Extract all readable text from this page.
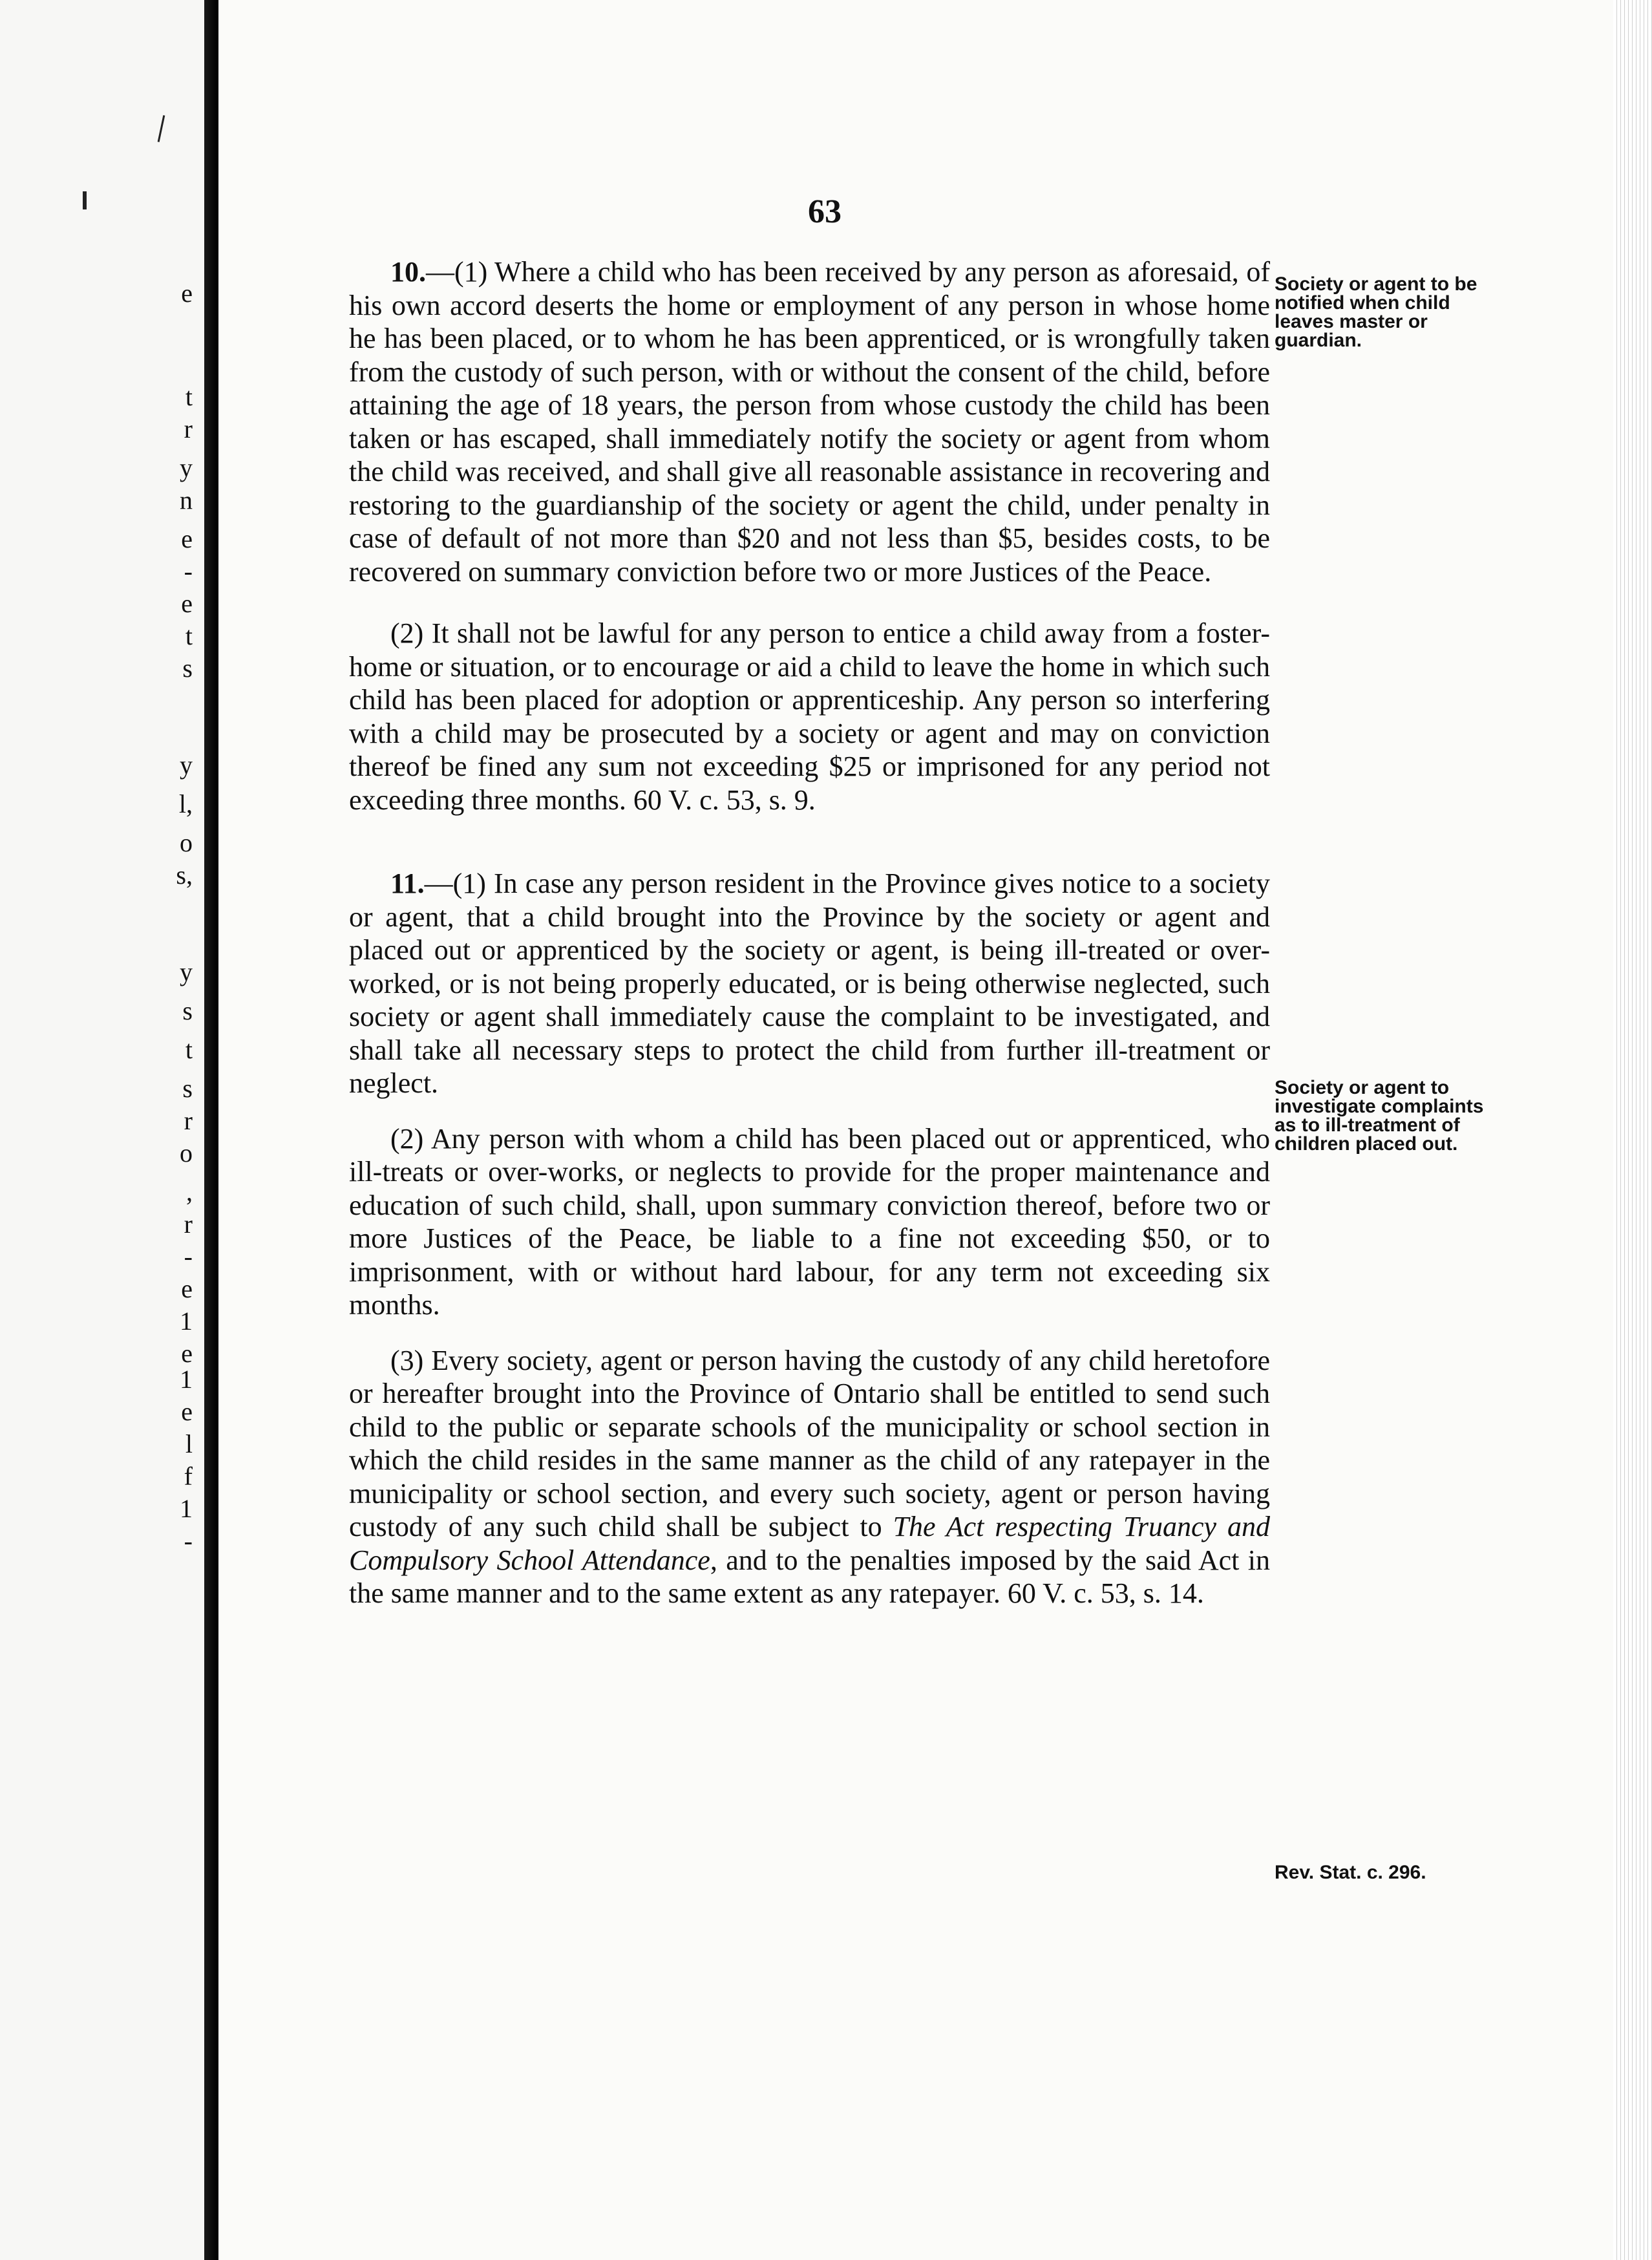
e
t
r
y
n
e
-
e
t
s
y
l,
o
s,
y
s
t
s
r
o
,
r
-
e
1
e
1
e
l
f
1
-
63

10.—(1) Where a child who has been received by any person as aforesaid, of his own accord deserts the home or employment of any person in whose home he has been placed, or to whom he has been apprenticed, or is wrongfully taken from the custody of such person, with or without the consent of the child, before attaining the age of 18 years, the person from whose custody the child has been taken or has escaped, shall immediately notify the society or agent from whom the child was received, and shall give all reasonable assistance in recovering and restoring to the guardianship of the society or agent the child, under penalty in case of default of not more than $20 and not less than $5, besides costs, to be recovered on summary conviction before two or more Justices of the Peace.

(2) It shall not be lawful for any person to entice a child away from a foster-home or situation, or to encourage or aid a child to leave the home in which such child has been placed for adoption or apprenticeship. Any person so interfering with a child may be prosecuted by a society or agent and may on conviction thereof be fined any sum not exceeding $25 or imprisoned for any period not exceeding three months. 60 V. c. 53, s. 9.

11.—(1) In case any person resident in the Province gives notice to a society or agent, that a child brought into the Province by the society or agent and placed out or apprenticed by the society or agent, is being ill-treated or over-worked, or is not being properly educated, or is being otherwise neglected, such society or agent shall immediately cause the complaint to be investigated, and shall take all necessary steps to protect the child from further ill-treatment or neglect.

(2) Any person with whom a child has been placed out or apprenticed, who ill-treats or over-works, or neglects to provide for the proper maintenance and education of such child, shall, upon summary conviction thereof, before two or more Justices of the Peace, be liable to a fine not exceeding $50, or to imprisonment, with or without hard labour, for any term not exceeding six months.

(3) Every society, agent or person having the custody of any child heretofore or hereafter brought into the Province of Ontario shall be entitled to send such child to the public or separate schools of the municipality or school section in which the child resides in the same manner as the child of any ratepayer in the municipality or school section, and every such society, agent or person having custody of any such child shall be subject to The Act respecting Truancy and Compulsory School Attendance, and to the penalties imposed by the said Act in the same manner and to the same extent as any ratepayer. 60 V. c. 53, s. 14.

Society or agent to be notified when child leaves master or guardian.
Society or agent to investigate complaints as to ill-treatment of children placed out.
Rev. Stat. c. 296.
